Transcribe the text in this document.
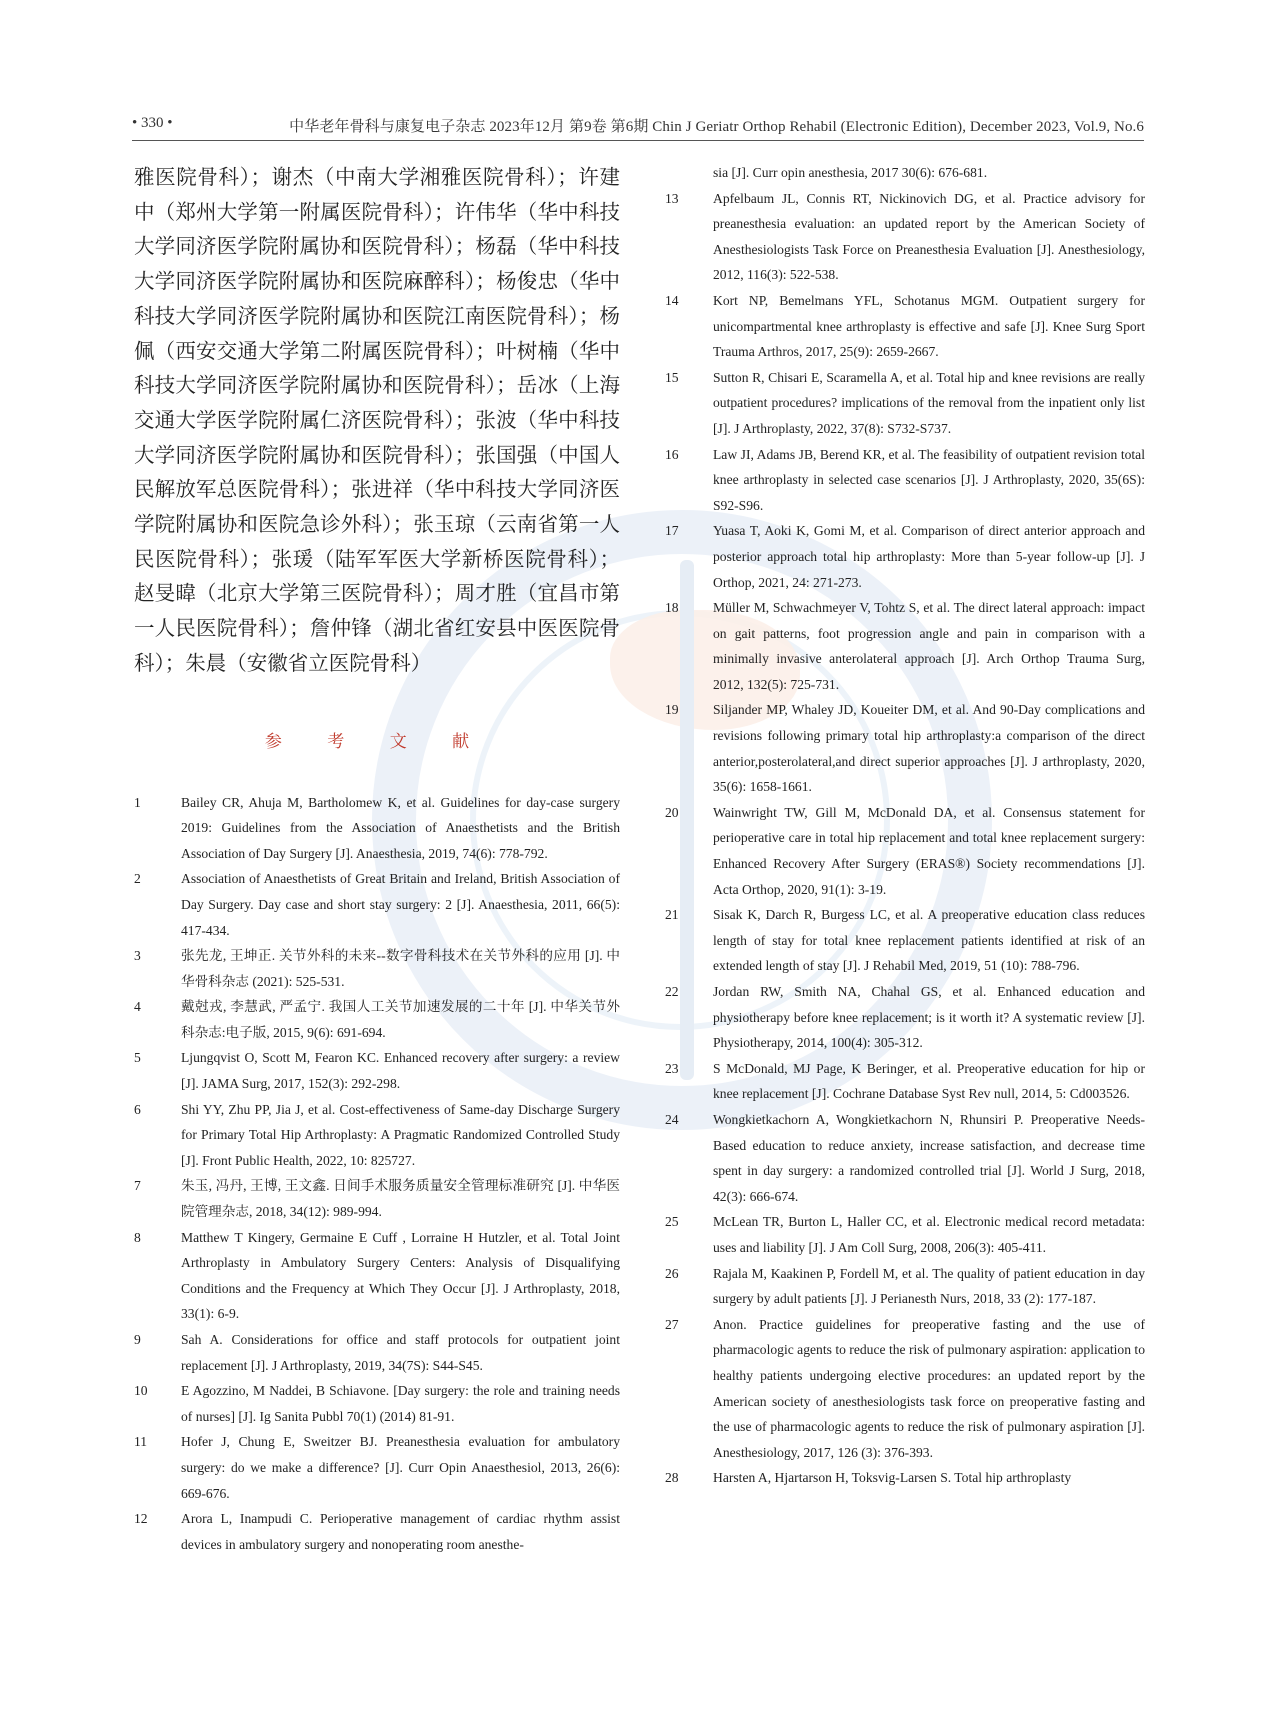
• 330 •	中华老年骨科与康复电子杂志 2023年12月 第9卷 第6期 Chin J Geriatr Orthop Rehabil (Electronic Edition), December 2023, Vol.9, No.6

雅医院骨科）；谢杰（中南大学湘雅医院骨科）；许建中（郑州大学第一附属医院骨科）；许伟华（华中科技大学同济医学院附属协和医院骨科）；杨磊（华中科技大学同济医学院附属协和医院麻醉科）；杨俊忠（华中科技大学同济医学院附属协和医院江南医院骨科）；杨佩（西安交通大学第二附属医院骨科）；叶树楠（华中科技大学同济医学院附属协和医院骨科）；岳冰（上海交通大学医学院附属仁济医院骨科）；张波（华中科技大学同济医学院附属协和医院骨科）；张国强（中国人民解放军总医院骨科）；张进祥（华中科技大学同济医学院附属协和医院急诊外科）；张玉琼（云南省第一人民医院骨科）；张瑗（陆军军医大学新桥医院骨科）；赵旻暐（北京大学第三医院骨科）；周才胜（宜昌市第一人民医院骨科）；詹仲锋（湖北省红安县中医医院骨科）；朱晨（安徽省立医院骨科）

参 考 文 献
1	Bailey CR, Ahuja M, Bartholomew K, et al. Guidelines for day-case surgery 2019: Guidelines from the Association of Anaesthetists and the British Association of Day Surgery [J]. Anaesthesia, 2019, 74(6): 778-792.
2	Association of Anaesthetists of Great Britain and Ireland, British Association of Day Surgery. Day case and short stay surgery: 2 [J]. Anaesthesia, 2011, 66(5): 417-434.
3	张先龙, 王坤正. 关节外科的未来--数字骨科技术在关节外科的应用 [J]. 中华骨科杂志 (2021): 525-531.
4	戴尅戎, 李慧武, 严孟宁. 我国人工关节加速发展的二十年 [J]. 中华关节外科杂志:电子版, 2015, 9(6): 691-694.
5	Ljungqvist O, Scott M, Fearon KC. Enhanced recovery after surgery: a review [J]. JAMA Surg, 2017, 152(3): 292-298.
6	Shi YY, Zhu PP, Jia J, et al. Cost-effectiveness of Same-day Discharge Surgery for Primary Total Hip Arthroplasty: A Pragmatic Randomized Controlled Study [J]. Front Public Health, 2022, 10: 825727.
7	朱玉, 冯丹, 王博, 王文鑫. 日间手术服务质量安全管理标准研究 [J]. 中华医院管理杂志, 2018, 34(12): 989-994.
8	Matthew T Kingery, Germaine E Cuff , Lorraine H Hutzler, et al. Total Joint Arthroplasty in Ambulatory Surgery Centers: Analysis of Disqualifying Conditions and the Frequency at Which They Occur [J]. J Arthroplasty, 2018, 33(1): 6-9.
9	Sah A. Considerations for office and staff protocols for outpatient joint replacement [J]. J Arthroplasty, 2019, 34(7S): S44-S45.
10	E Agozzino, M Naddei, B Schiavone. [Day surgery: the role and training needs of nurses] [J]. Ig Sanita Pubbl 70(1) (2014) 81-91.
11	Hofer J, Chung E, Sweitzer BJ. Preanesthesia evaluation for ambulatory surgery: do we make a difference? [J]. Curr Opin Anaesthesiol, 2013, 26(6): 669-676.
12	Arora L, Inampudi C. Perioperative management of cardiac rhythm assist devices in ambulatory surgery and nonoperating room anesthe-
sia [J]. Curr opin anesthesia, 2017 30(6): 676-681.
13	Apfelbaum JL, Connis RT, Nickinovich DG, et al. Practice advisory for preanesthesia evaluation: an updated report by the American Society of Anesthesiologists Task Force on Preanesthesia Evaluation [J]. Anesthesiology, 2012, 116(3): 522-538.
14	Kort NP, Bemelmans YFL, Schotanus MGM. Outpatient surgery for unicompartmental knee arthroplasty is effective and safe [J]. Knee Surg Sport Trauma Arthros, 2017, 25(9): 2659-2667.
15	Sutton R, Chisari E, Scaramella A, et al. Total hip and knee revisions are really outpatient procedures? implications of the removal from the inpatient only list [J]. J Arthroplasty, 2022, 37(8): S732-S737.
16	Law JI, Adams JB, Berend KR, et al. The feasibility of outpatient revision total knee arthroplasty in selected case scenarios [J]. J Arthroplasty, 2020, 35(6S): S92-S96.
17	Yuasa T, Aoki K, Gomi M, et al. Comparison of direct anterior approach and posterior approach total hip arthroplasty: More than 5-year follow-up [J]. J Orthop, 2021, 24: 271-273.
18	Müller M, Schwachmeyer V, Tohtz S, et al. The direct lateral approach: impact on gait patterns, foot progression angle and pain in comparison with a minimally invasive anterolateral approach [J]. Arch Orthop Trauma Surg, 2012, 132(5): 725-731.
19	Siljander MP, Whaley JD, Koueiter DM, et al. And 90-Day complications and revisions following primary total hip arthroplasty:a comparison of the direct anterior,posterolateral,and direct superior approaches [J]. J arthroplasty, 2020, 35(6): 1658-1661.
20	Wainwright TW, Gill M, McDonald DA, et al. Consensus statement for perioperative care in total hip replacement and total knee replacement surgery: Enhanced Recovery After Surgery (ERAS®) Society recommendations [J]. Acta Orthop, 2020, 91(1): 3-19.
21	Sisak K, Darch R, Burgess LC, et al. A preoperative education class reduces length of stay for total knee replacement patients identified at risk of an extended length of stay [J]. J Rehabil Med, 2019, 51 (10): 788-796.
22	Jordan RW, Smith NA, Chahal GS, et al. Enhanced education and physiotherapy before knee replacement; is it worth it? A systematic review [J]. Physiotherapy, 2014, 100(4): 305-312.
23	S McDonald, MJ Page, K Beringer, et al. Preoperative education for hip or knee replacement [J]. Cochrane Database Syst Rev null, 2014, 5: Cd003526.
24	Wongkietkachorn A, Wongkietkachorn N, Rhunsiri P. Preoperative Needs-Based education to reduce anxiety, increase satisfaction, and decrease time spent in day surgery: a randomized controlled trial [J]. World J Surg, 2018, 42(3): 666-674.
25	McLean TR, Burton L, Haller CC, et al. Electronic medical record metadata: uses and liability [J]. J Am Coll Surg, 2008, 206(3): 405-411.
26	Rajala M, Kaakinen P, Fordell M, et al. The quality of patient education in day surgery by adult patients [J]. J Perianesth Nurs, 2018, 33 (2): 177-187.
27	Anon. Practice guidelines for preoperative fasting and the use of pharmacologic agents to reduce the risk of pulmonary aspiration: application to healthy patients undergoing elective procedures: an updated report by the American society of anesthesiologists task force on preoperative fasting and the use of pharmacologic agents to reduce the risk of pulmonary aspiration [J]. Anesthesiology, 2017, 126 (3): 376-393.
28	Harsten A, Hjartarson H, Toksvig-Larsen S. Total hip arthroplasty
